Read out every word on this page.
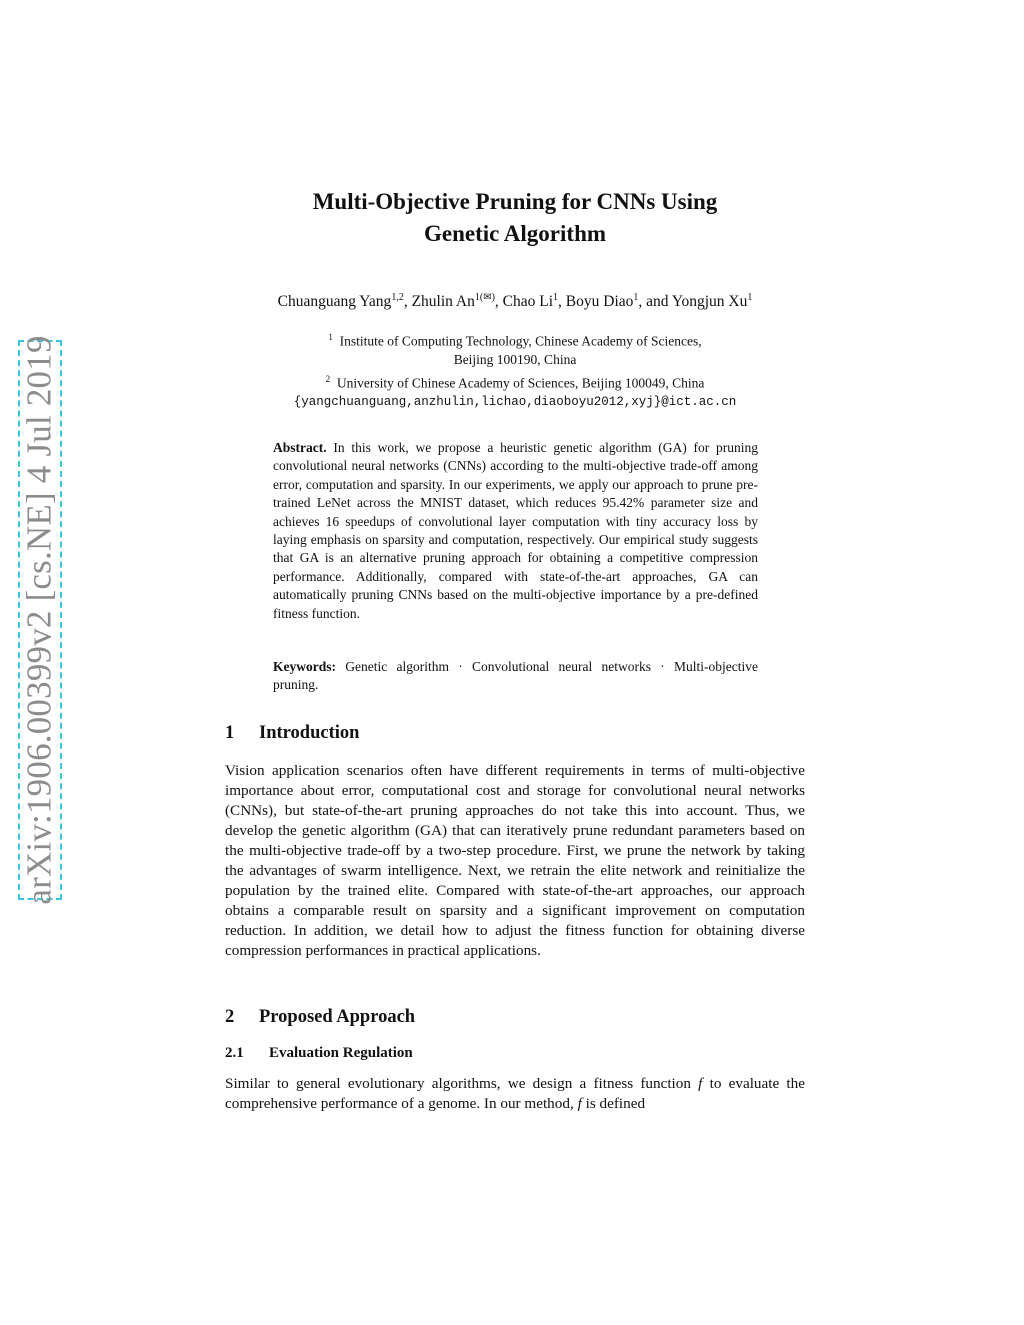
arXiv:1906.00399v2 [cs.NE] 4 Jul 2019
Multi-Objective Pruning for CNNs Using
Genetic Algorithm
Chuanguang Yang$^{1,2}$, Zhulin $An^{1(✉)}$, Chao Li$^1$, Boyu Diao$^1$, and Yongjun Xu$^1$
$^1$ Institute of Computing Technology, Chinese Academy of Sciences,
Beijing 100190, China
$^2$ University of Chinese Academy of Sciences, Beijing 100049, China
{yangchuanguang,anzhulin,lichao,diaoboyu2012,xyj}@ict.ac.cn
Abstract. In this work, we propose a heuristic genetic algorithm (GA) for pruning convolutional neural networks (CNNs) according to the multi-objective trade-off among error, computation and sparsity. In our experiments, we apply our approach to prune pre-trained LeNet across the MNIST dataset, which reduces 95.42% parameter size and achieves 16 speedups of convolutional layer computation with tiny accuracy loss by laying emphasis on sparsity and computation, respectively. Our empirical study suggests that GA is an alternative pruning approach for obtaining a competitive compression performance. Additionally, compared with state-of-the-art approaches, GA can automatically pruning CNNs based on the multi-objective importance by a pre-defined fitness function.
Keywords: Genetic algorithm · Convolutional neural networks · Multi-objective pruning.
1 Introduction
Vision application scenarios often have different requirements in terms of multi-objective importance about error, computational cost and storage for convolutional neural networks (CNNs), but state-of-the-art pruning approaches do not take this into account. Thus, we develop the genetic algorithm (GA) that can iteratively prune redundant parameters based on the multi-objective trade-off by a two-step procedure. First, we prune the network by taking the advantages of swarm intelligence. Next, we retrain the elite network and reinitialize the population by the trained elite. Compared with state-of-the-art approaches, our approach obtains a comparable result on sparsity and a significant improvement on computation reduction. In addition, we detail how to adjust the fitness function for obtaining diverse compression performances in practical applications.
2 Proposed Approach
2.1 Evaluation Regulation
Similar to general evolutionary algorithms, we design a fitness function f to evaluate the comprehensive performance of a genome. In our method, f is defined
